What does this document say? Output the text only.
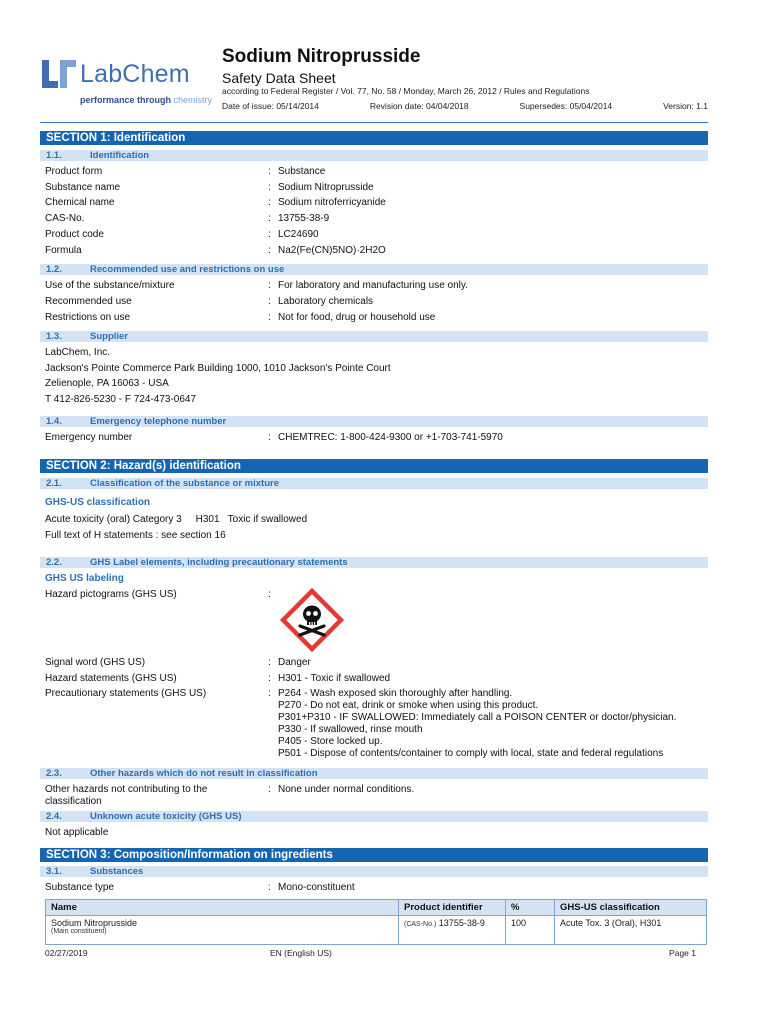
LabChem
performance through chemistry
Sodium Nitroprusside
Safety Data Sheet
according to Federal Register / Vol. 77, No. 58 / Monday, March 26, 2012 / Rules and Regulations
Date of issue: 05/14/2014	Revision date: 04/04/2018	Supersedes: 05/04/2014	Version: 1.1
SECTION 1: Identification
1.1.	Identification
Product form	: Substance
Substance name	: Sodium Nitroprusside
Chemical name	: Sodium nitroferricyanide
CAS-No.	: 13755-38-9
Product code	: LC24690
Formula	: Na2(Fe(CN)5NO)·2H2O
1.2.	Recommended use and restrictions on use
Use of the substance/mixture	: For laboratory and manufacturing use only.
Recommended use	: Laboratory chemicals
Restrictions on use	: Not for food, drug or household use
1.3.	Supplier
LabChem, Inc.
Jackson's Pointe Commerce Park Building 1000, 1010 Jackson's Pointe Court
Zelienople, PA 16063 - USA
T 412-826-5230 - F 724-473-0647
1.4.	Emergency telephone number
Emergency number	: CHEMTREC: 1-800-424-9300 or +1-703-741-5970
SECTION 2: Hazard(s) identification
2.1.	Classification of the substance or mixture
GHS-US classification
Acute toxicity (oral) Category 3     H301   Toxic if swallowed
Full text of H statements : see section 16
2.2.	GHS Label elements, including precautionary statements
GHS US labeling
Hazard pictograms (GHS US)	:
Signal word (GHS US)	: Danger
Hazard statements (GHS US)	: H301 - Toxic if swallowed
Precautionary statements (GHS US)	: P264 - Wash exposed skin thoroughly after handling.
P270 - Do not eat, drink or smoke when using this product.
P301+P310 - IF SWALLOWED: Immediately call a POISON CENTER or doctor/physician.
P330 - If swallowed, rinse mouth
P405 - Store locked up.
P501 - Dispose of contents/container to comply with local, state and federal regulations
2.3.	Other hazards which do not result in classification
Other hazards not contributing to the
classification
: None under normal conditions.
2.4.	Unknown acute toxicity (GHS US)
Not applicable
SECTION 3: Composition/Information on ingredients
3.1.	Substances
Substance type	: Mono-constituent
Name	Product identifier	%	GHS-US classification

Sodium Nitroprusside
(Main constituent)	(CAS-No.) 13755-38-9	100	Acute Tox. 3 (Oral), H301
02/27/2019	EN (English US)	Page 1
